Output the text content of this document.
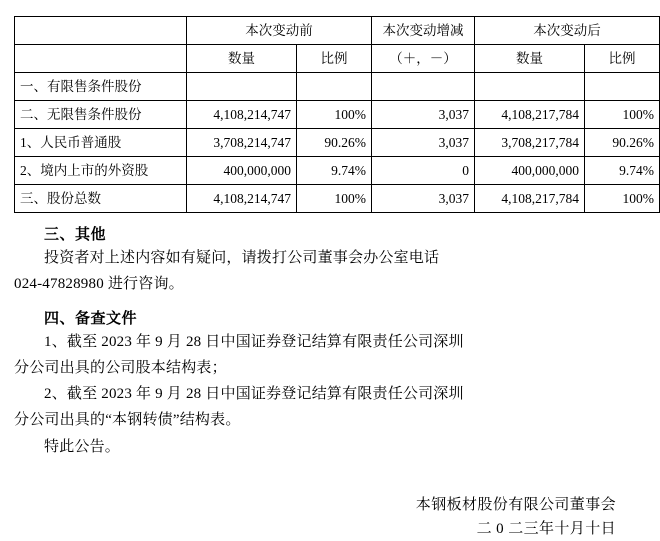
	本次变动前		本次变动增减	本次变动后	
	数量	比例	（＋，－）	数量	比例
一、有限售条件股份					
二、无限售条件股份	4,108,214,747	100%	3,037	4,108,217,784	100%
1、人民币普通股	3,708,214,747	90.26%	3,037	3,708,217,784	90.26%
2、境内上市的外资股	400,000,000	9.74%	0	400,000,000	9.74%
三、股份总数	4,108,214,747	100%	3,037	4,108,217,784	100%
三、其他

投资者对上述内容如有疑问，请拨打公司董事会办公室电话

024-47828980 进行咨询。

四、备查文件

1、截至 2023 年 9 月 28 日中国证券登记结算有限责任公司深圳

分公司出具的公司股本结构表；

2、截至 2023 年 9 月 28 日中国证券登记结算有限责任公司深圳

分公司出具的“本钢转债”结构表。

特此公告。

本钢板材股份有限公司董事会
二 0 二三年十月十日
